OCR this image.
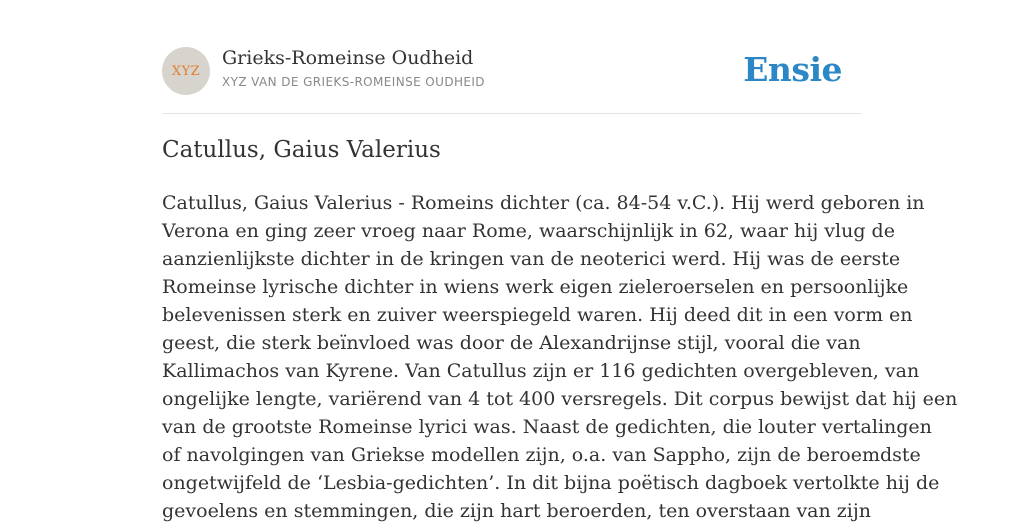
XYZ
Grieks-Romeinse Oudheid
XYZ VAN DE GRIEKS-ROMEINSE OUDHEID	Ensie
Catullus, Gaius Valerius

Catullus, Gaius Valerius - Romeins dichter (ca. 84-54 v.C.). Hij werd geboren in
Verona en ging zeer vroeg naar Rome, waarschijnlijk in 62, waar hij vlug de
aanzienlijkste dichter in de kringen van de neoterici werd. Hij was de eerste
Romeinse lyrische dichter in wiens werk eigen zieleroerselen en persoonlijke
belevenissen sterk en zuiver weerspiegeld waren. Hij deed dit in een vorm en
geest, die sterk beïnvloed was door de Alexandrijnse stijl, vooral die van
Kallimachos van Kyrene. Van Catullus zijn er 116 gedichten overgebleven, van
ongelijke lengte, variërend van 4 tot 400 versregels. Dit corpus bewijst dat hij een
van de grootste Romeinse lyrici was. Naast de gedichten, die louter vertalingen
of navolgingen van Griekse modellen zijn, o.a. van Sappho, zijn de beroemdste
ongetwijfeld de ‘Lesbia-gedichten’. In dit bijna poëtisch dagboek vertolkte hij de
gevoelens en stemmingen, die zijn hart beroerden, ten overstaan van zijn
